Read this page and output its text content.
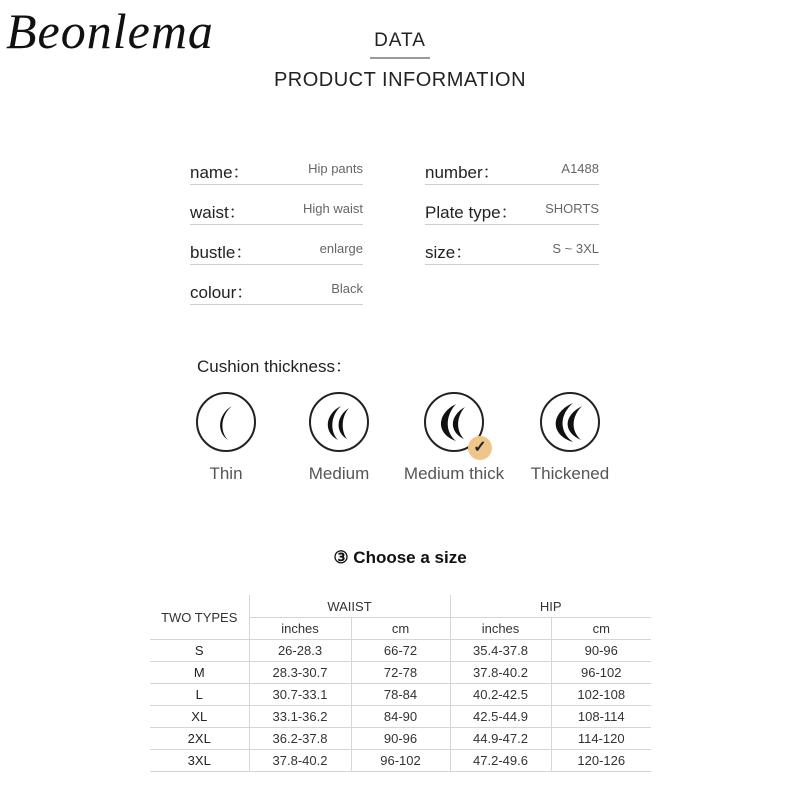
Beonlema	DATA
PRODUCT INFORMATION
name：	Hip pants	number：	A1488
waist：	High waist	Plate type： SHORTS
bustle：	enlarge	size：	S ~ 3XL
colour：	Black
Cushion thickness：
Thin	Medium
✓
Medium thick	Thickened
③ Choose a size
TWO TYPES	WAIIST		HIP	
	inches	cm	inches	cm
S	26-28.3	66-72	35.4-37.8	90-96
M	28.3-30.7	72-78	37.8-40.2	96-102
L	30.7-33.1	78-84	40.2-42.5	102-108
XL	33.1-36.2	84-90	42.5-44.9	108-114
2XL	36.2-37.8	90-96	44.9-47.2	114-120
3XL	37.8-40.2	96-102	47.2-49.6	120-126
